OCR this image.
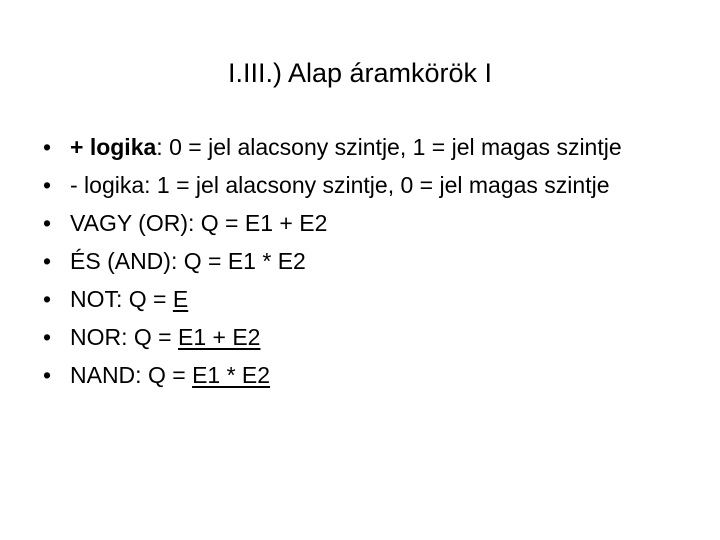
I.III.) Alap áramkörök I
• + logika: 0 = jel alacsony szintje, 1 = jel magas szintje
• - logika: 1 = jel alacsony szintje, 0 = jel magas szintje
• VAGY (OR): Q = E1 + E2
• ÉS (AND): Q = E1 * E2
• NOT: Q = E
• NOR: Q = E1 + E2
• NAND: Q = E1 * E2
